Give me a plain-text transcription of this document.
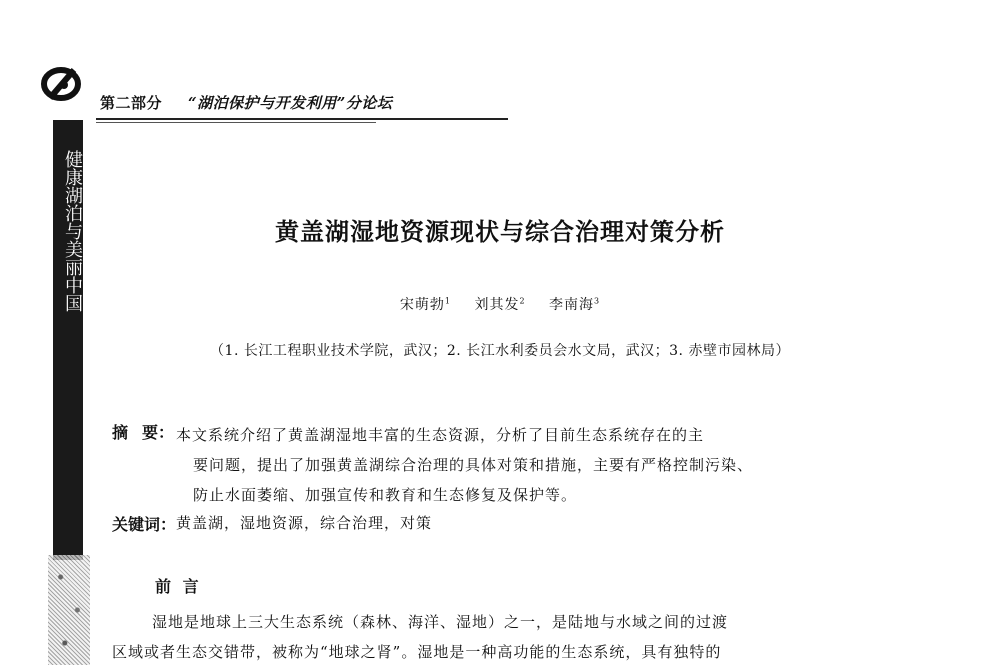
第二部分 “湖泊保护与开发利用”分论坛
健康湖泊与美丽中国	黄盖湖湿地资源现状与综合治理对策分析
宋萌勃$^1$ 刘其发$^2$ 李南海$^3$
（1. 长江工程职业技术学院，武汉；2. 长江水利委员会水文局，武汉；3. 赤壁市园林局）
摘 要： 本文系统介绍了黄盖湖湿地丰富的生态资源，分析了目前生态系统存在的主
要问题，提出了加强黄盖湖综合治理的具体对策和措施，主要有严格控制污染、
防止水面萎缩、加强宣传和教育和生态修复及保护等。
关键词： 黄盖湖，湿地资源，综合治理，对策
前 言
湿地是地球上三大生态系统（森林、海洋、湿地）之一，是陆地与水域之间的过渡
区域或者生态交错带，被称为“地球之肾”。湿地是一种高功能的生态系统，具有独特的
